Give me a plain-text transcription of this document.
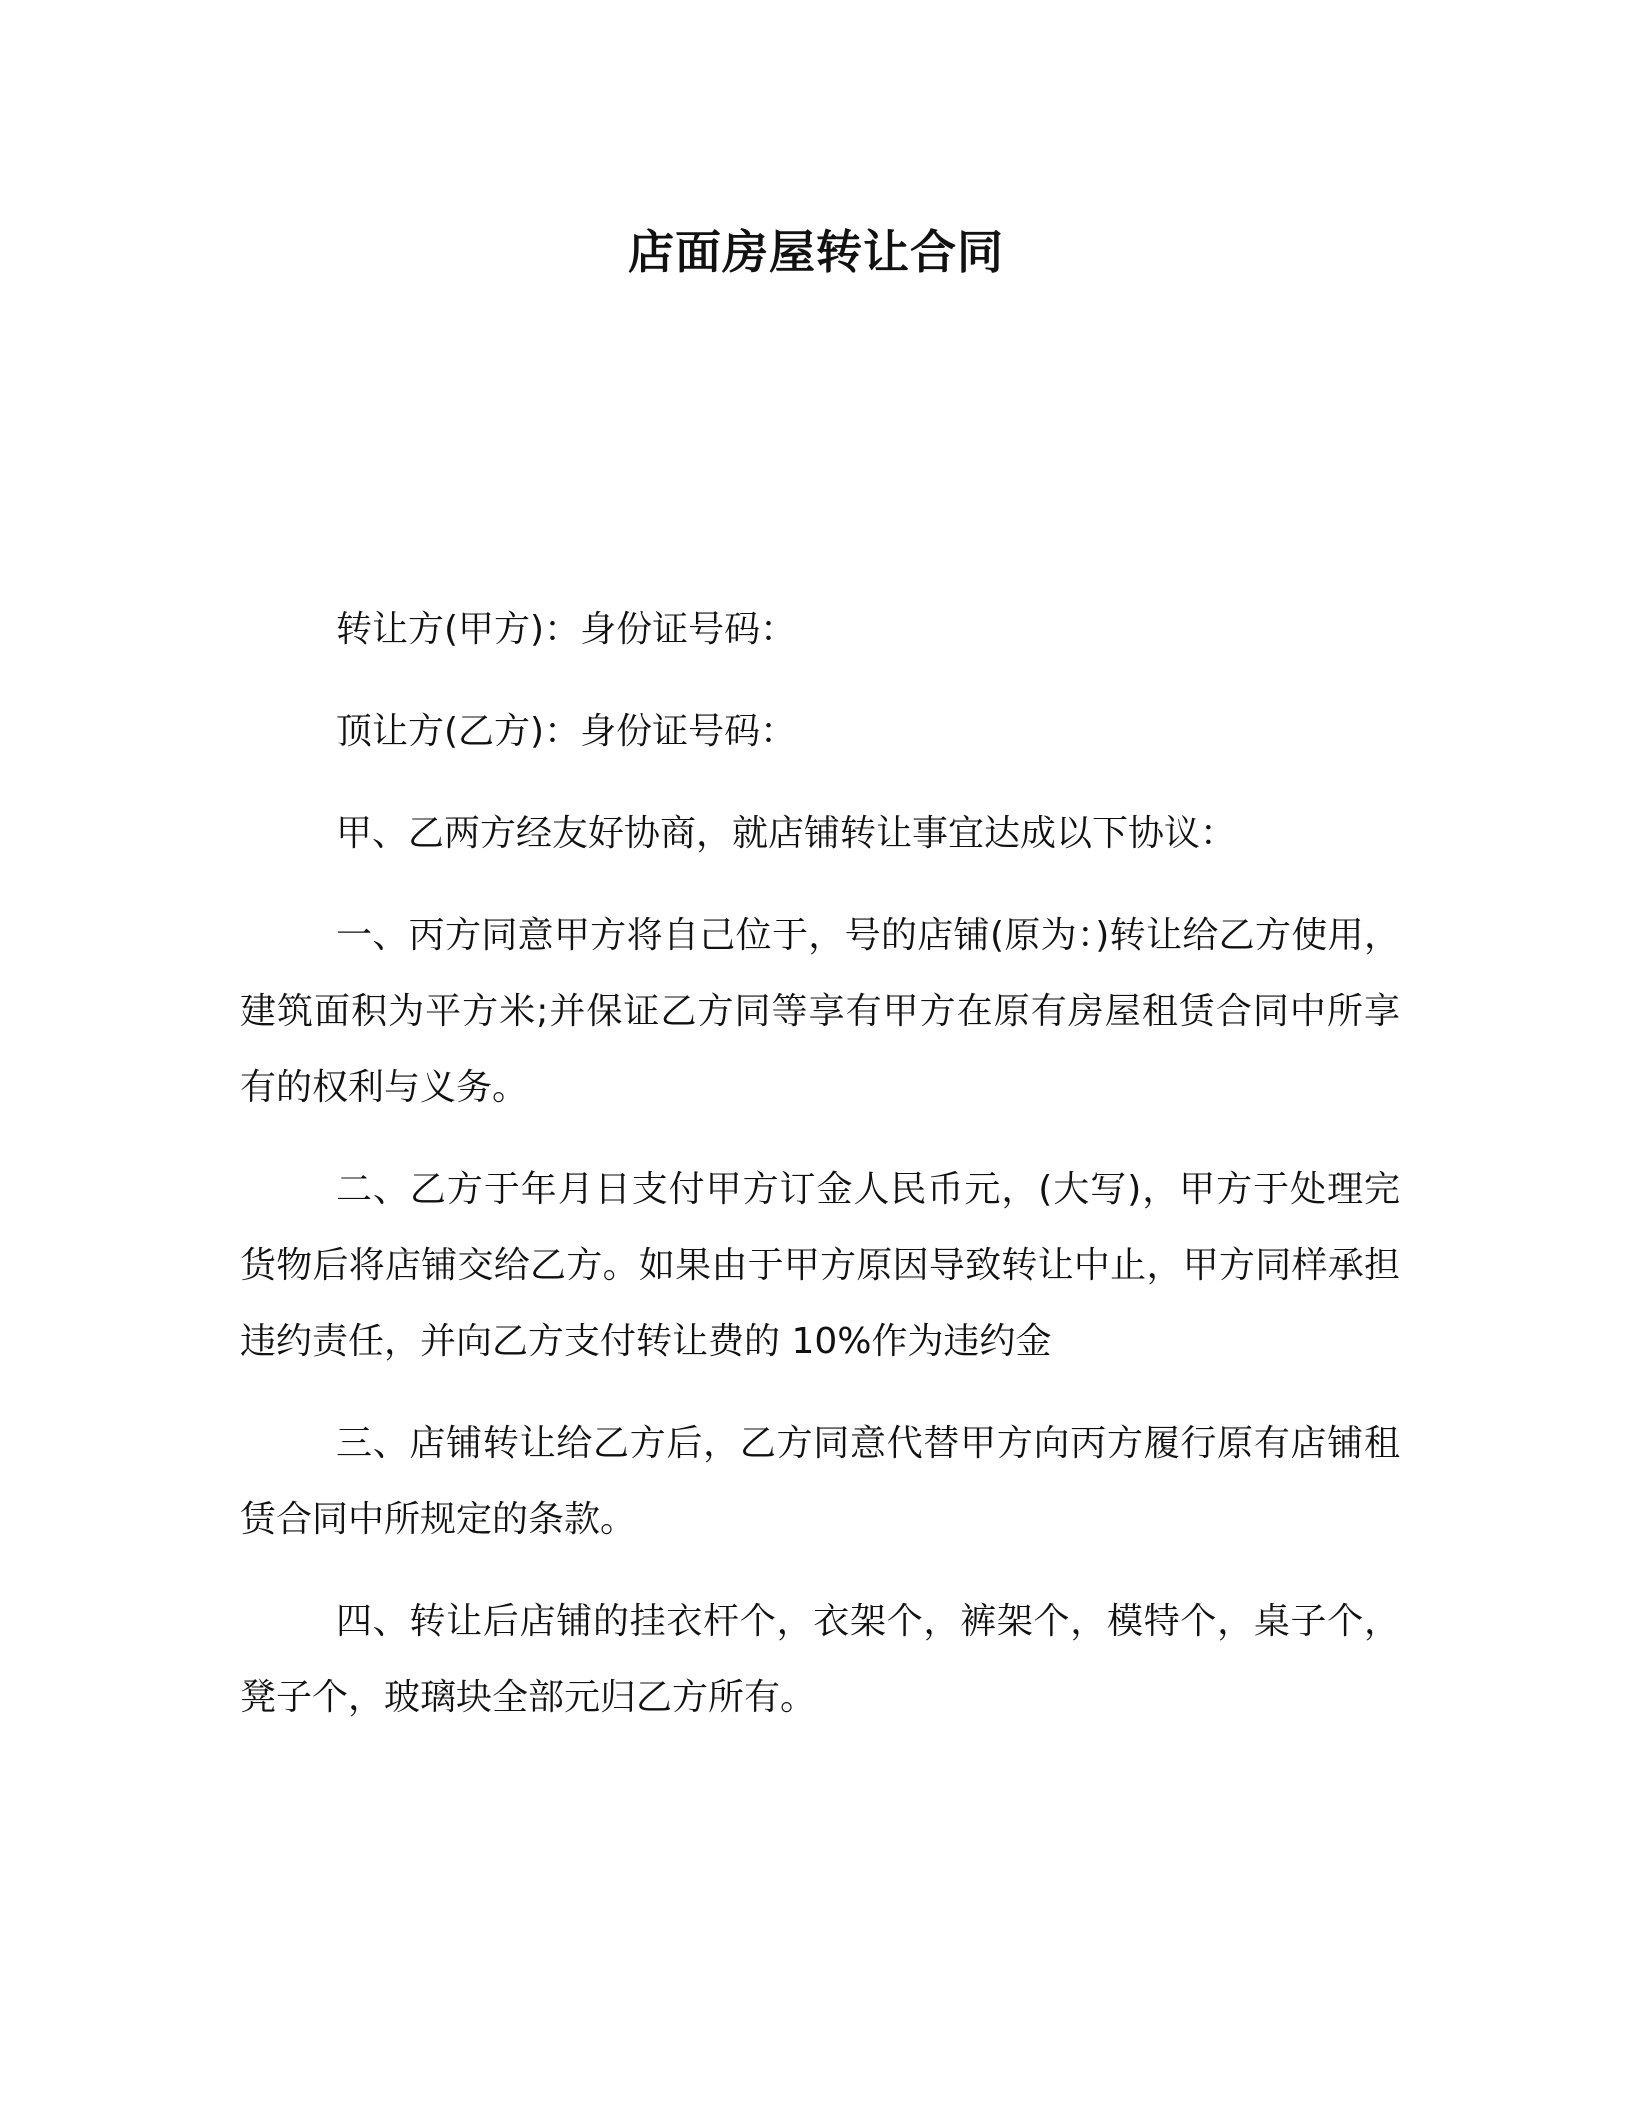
店面房屋转让合同

转让方(甲方)：身份证号码：

顶让方(乙方)：身份证号码：

甲、乙两方经友好协商，就店铺转让事宜达成以下协议：

一、丙方同意甲方将自己位于，号的店铺(原为：)转让给乙方使用，建筑面积为平方米;并保证乙方同等享有甲方在原有房屋租赁合同中所享有的权利与义务。

二、乙方于年月日支付甲方订金人民币元，(大写)，甲方于处理完货物后将店铺交给乙方。如果由于甲方原因导致转让中止，甲方同样承担违约责任，并向乙方支付转让费的 10%作为违约金

三、店铺转让给乙方后，乙方同意代替甲方向丙方履行原有店铺租赁合同中所规定的条款。

四、转让后店铺的挂衣杆个，衣架个，裤架个，模特个，桌子个，凳子个，玻璃块全部元归乙方所有。
